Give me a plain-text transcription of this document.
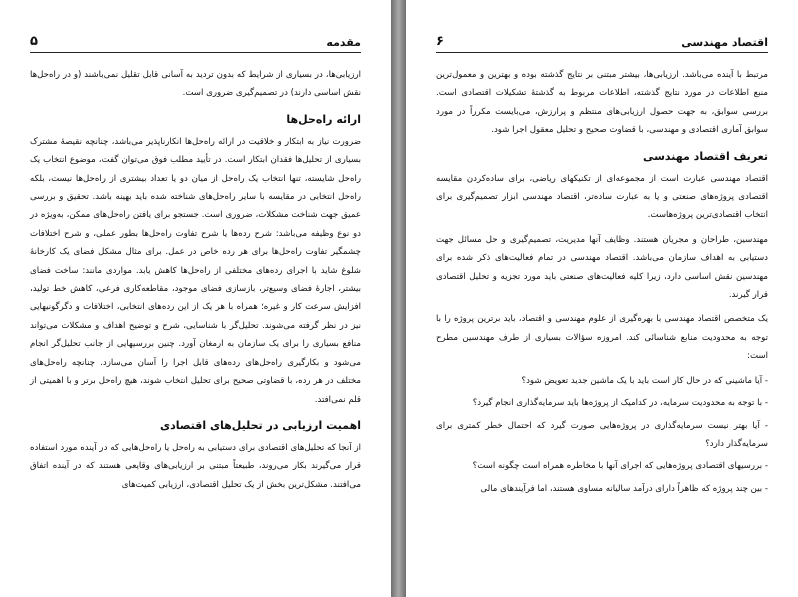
مقدمه
۵

ارزیابی‌ها، در بسیاری از شرایط که بدون تردید به آسانی قابل تقلیل نمی‌باشند (و در راه‌حل‌ها نقش اساسی دارند) در تصمیم‌گیری ضروری است.

ارائه راه‌حل‌ها

ضرورت نیاز به ابتکار و خلاقیت در ارائه راه‌حل‌ها انکارناپذیر می‌باشد، چنانچه نقیصه‌ٔ مشترک بسیاری از تحلیل‌ها فقدان ابتکار است. در تأیید مطلب فوق می‌توان گفت، موضوع انتخاب یک راه‌حل شایسته، تنها انتخاب یک راه‌حل از میان دو یا تعداد بیشتری از راه‌حل‌ها نیست، بلکه راه‌حل انتخابی در مقایسه با سایر راه‌حل‌های شناخته شده باید بهینه باشد. تحقیق و بررسی عمیق جهت شناخت مشکلات، ضروری است. جستجو برای یافتن راه‌حل‌های ممکن، به‌ویژه در دو نوع وظیفه می‌باشد: شرح رده‌ها یا شرح تفاوت راه‌حل‌ها بطور عملی، و شرح اختلافات چشمگیر تفاوت راه‌حل‌ها برای هر رده خاص در عمل. برای مثال مشکل فضای یک کارخانهٔ شلوغ شاید با اجرای رده‌های مختلفی از راه‌حل‌ها کاهش یابد. مواردی مانند: ساخت فضای بیشتر، اجارهٔ فضای وسیع‌تر، بازسازی فضای موجود، مقاطعه‌کاری فرعی، کاهش خط تولید، افزایش سرعت کار و غیره؛ همراه با هر یک از این رده‌های انتخابی، اختلافات و دگرگونیهایی نیز در نظر گرفته می‌شوند. تحلیل‌گر با شناسایی، شرح و توضیح اهداف و مشکلات می‌تواند منافع بسیاری را برای یک سازمان به ارمغان آورد. چنین بررسیهایی از جانب تحلیل‌گر انجام می‌شود و بکارگیری راه‌حل‌های رده‌های قابل اجرا را آسان می‌سازد. چنانچه راه‌حل‌های مختلف در هر رده، با قضاوتی صحیح برای تحلیل انتخاب شوند، هیچ راه‌حل برتر و با اهمیتی از قلم نمی‌افتد.

اهمیت ارزیابی در تحلیل‌های اقتصادی

از آنجا که تحلیل‌های اقتصادی برای دستیابی به راه‌حل یا راه‌حل‌هایی که در آینده مورد استفاده قرار می‌گیرند بکار می‌روند، طبیعتاً مبتنی بر ارزیابی‌های وقایعی هستند که در آینده اتفاق می‌افتند. مشکل‌ترین بخش از یک تحلیل اقتصادی، ارزیابی کمیت‌های

اقتصاد مهندسی
۶

مرتبط با آینده می‌باشد. ارزیابی‌ها، بیشتر مبتنی بر نتایج گذشته بوده و بهترین و معمول‌ترین منبع اطلاعات در مورد نتایج گذشته، اطلاعات مربوط به گذشتهٔ تشکیلات اقتصادی است. بررسی سوابق، به جهت حصول ارزیابی‌های منتظم و پرارزش، می‌بایست مکرراً در مورد سوابق آماری اقتصادی و مهندسی، با قضاوت صحیح و تحلیل معقول اجرا شود.

تعریف اقتصاد مهندسی

اقتصاد مهندسی عبارت است از مجموعه‌ای از تکنیکهای ریاضی، برای ساده‌کردن مقایسه اقتصادی پروژه‌های صنعتی و یا به عبارت ساده‌تر، اقتصاد مهندسی ابزار تصمیم‌گیری برای انتخاب اقتصادی‌ترین پروژه‌هاست.

مهندسین، طراحان و مجریان هستند. وظایف آنها مدیریت، تصمیم‌گیری و حل مسائل جهت دستیابی به اهداف سازمان می‌باشد. اقتصاد مهندسی در تمام فعالیت‌های ذکر شده برای مهندسین نقش اساسی دارد، زیرا کلیه فعالیت‌های صنعتی باید مورد تجزیه و تحلیل اقتصادی قرار گیرند.

یک متخصص اقتصاد مهندسی با بهره‌گیری از علوم مهندسی و اقتصاد، باید برترین پروژه را با توجه به محدودیت منابع شناسائی کند. امروزه سؤالات بسیاری از طرف مهندسین مطرح است:

- آیا ماشینی که در حال کار است باید با یک ماشین جدید تعویض شود؟
- با توجه به محدودیت سرمایه، در کدامیک از پروژه‌ها باید سرمایه‌گذاری انجام گیرد؟
- آیا بهتر نیست سرمایه‌گذاری در پروژه‌هایی صورت گیرد که احتمال خطر کمتری برای سرمایه‌گذار دارد؟
- بررسیهای اقتصادی پروژه‌هایی که اجرای آنها با مخاطره همراه است چگونه است؟
- بین چند پروژه که ظاهراً دارای درآمد سالیانه مساوی هستند، اما فرآیندهای مالی
